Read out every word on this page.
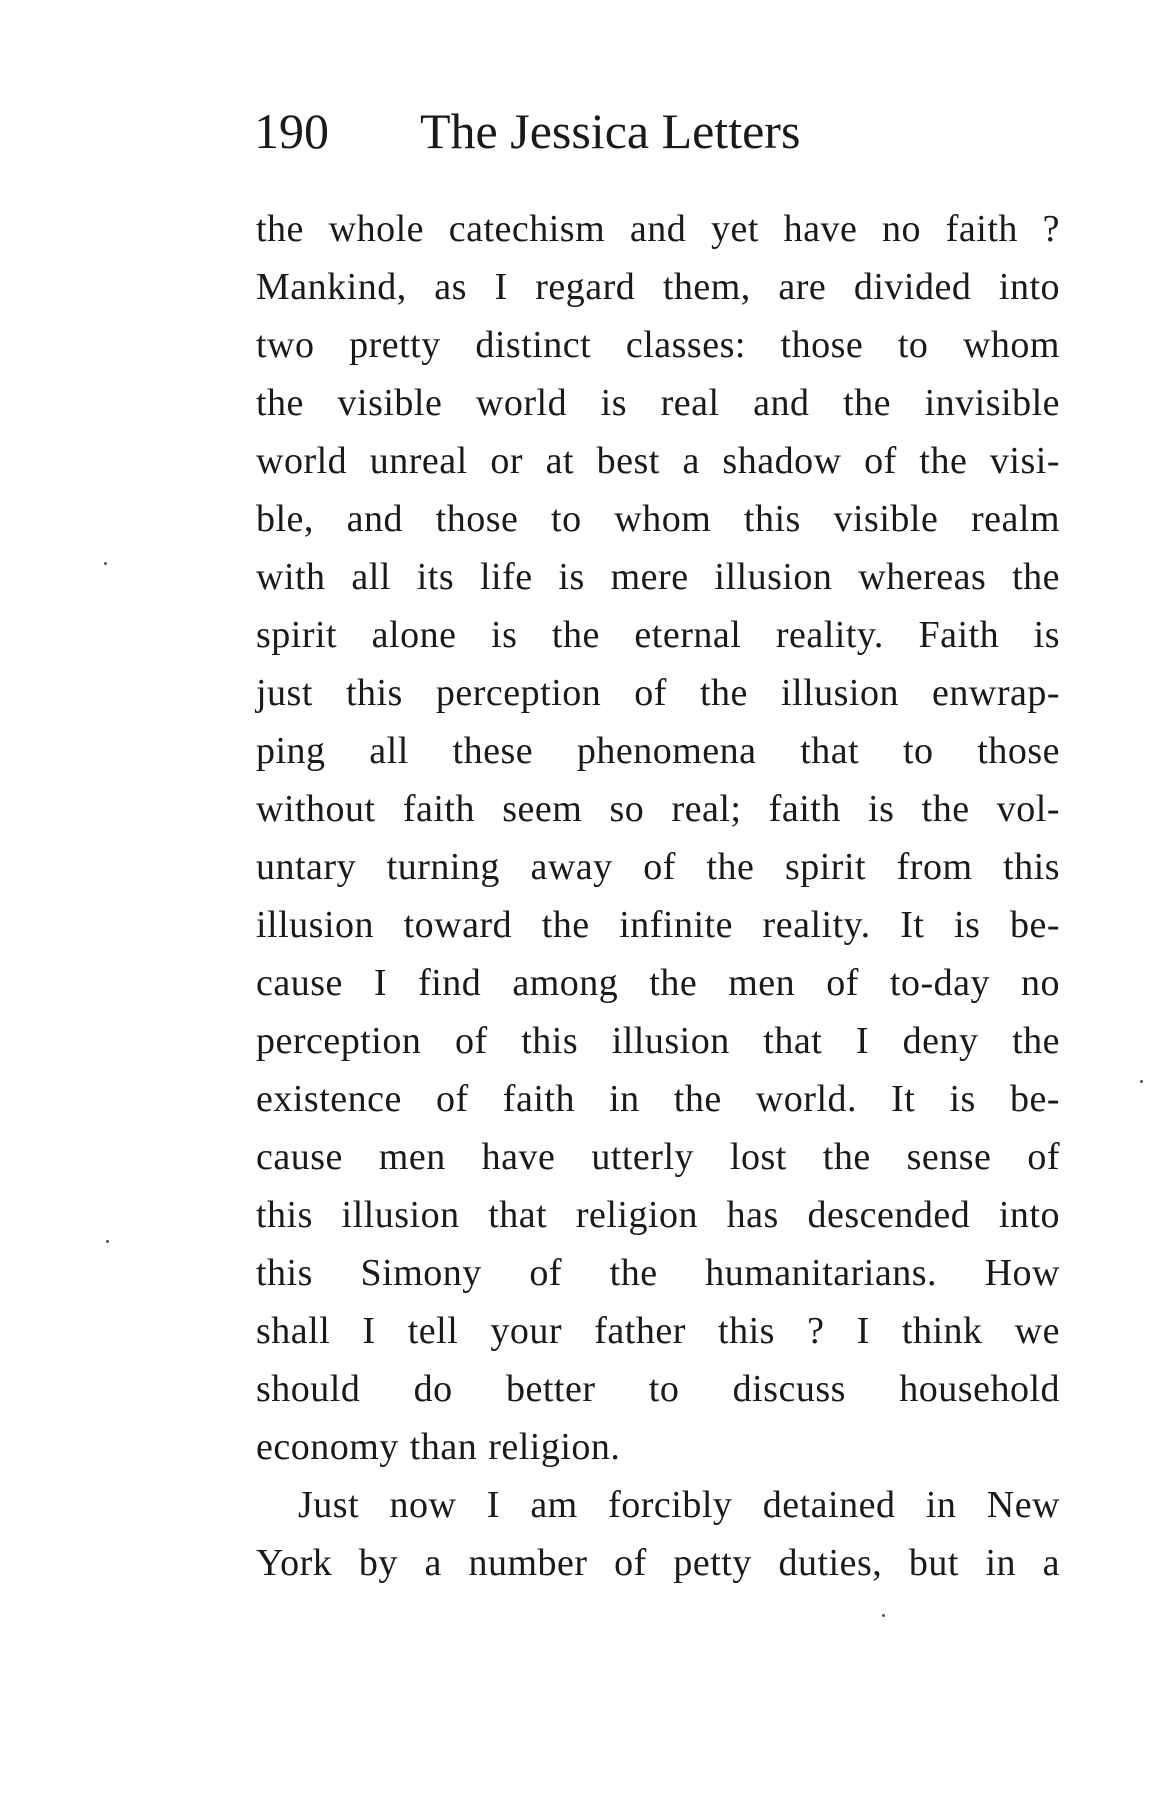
190 The Jessica Letters
the whole catechism and yet have no faith ?
Mankind, as I regard them, are divided into
two pretty distinct classes: those to whom
the visible world is real and the invisible
world unreal or at best a shadow of the visi-
ble, and those to whom this visible realm
with all its life is mere illusion whereas the
spirit alone is the eternal reality. Faith is
just this perception of the illusion enwrap-
ping all these phenomena that to those
without faith seem so real; faith is the vol-
untary turning away of the spirit from this
illusion toward the infinite reality. It is be-
cause I find among the men of to-day no
perception of this illusion that I deny the
existence of faith in the world. It is be-
cause men have utterly lost the sense of
this illusion that religion has descended into
this Simony of the humanitarians. How
shall I tell your father this ? I think we
should do better to discuss household
economy than religion.
Just now I am forcibly detained in New
York by a number of petty duties, but in a
